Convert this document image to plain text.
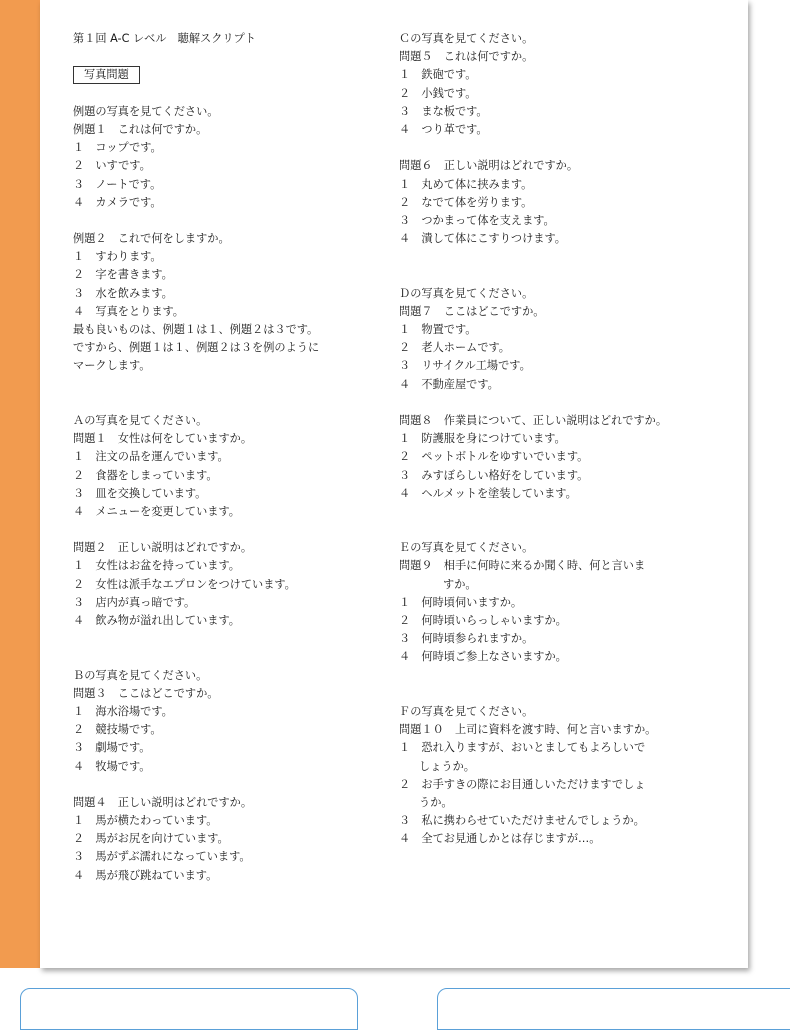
第１回 A-C レベル　聴解スクリプト
写真問題
例題の写真を見てください。
例題１　これは何ですか。
１　コップです。
２　いすです。
３　ノートです。
４　カメラです。
例題２　これで何をしますか。
１　すわります。
２　字を書きます。
３　水を飲みます。
４　写真をとります。
最も良いものは、例題１は１、例題２は３です。
ですから、例題１は１、例題２は３を例のように
マークします。
Ａの写真を見てください。
問題１　女性は何をしていますか。
１　注文の品を運んでいます。
２　食器をしまっています。
３　皿を交換しています。
４　メニューを変更しています。
問題２　正しい説明はどれですか。
１　女性はお盆を持っています。
２　女性は派手なエプロンをつけています。
３　店内が真っ暗です。
４　飲み物が溢れ出しています。
Ｂの写真を見てください。
問題３　ここはどこですか。
１　海水浴場です。
２　競技場です。
３　劇場です。
４　牧場です。
問題４　正しい説明はどれですか。
１　馬が横たわっています。
２　馬がお尻を向けています。
３　馬がずぶ濡れになっています。
４　馬が飛び跳ねています。
Ｃの写真を見てください。
問題５　これは何ですか。
１　鉄砲です。
２　小銭です。
３　まな板です。
４　つり革です。
問題６　正しい説明はどれですか。
１　丸めて体に挟みます。
２　なでて体を労ります。
３　つかまって体を支えます。
４　潰して体にこすりつけます。
Ｄの写真を見てください。
問題７　ここはどこですか。
１　物置です。
２　老人ホームです。
３　リサイクル工場です。
４　不動産屋です。
問題８　作業員について、正しい説明はどれですか。
１　防護服を身につけています。
２　ペットボトルをゆすいでいます。
３　みすぼらしい格好をしています。
４　ヘルメットを塗装しています。
Ｅの写真を見てください。
問題９　相手に何時に来るか聞く時、何と言いま
すか。
１　何時頃伺いますか。
２　何時頃いらっしゃいますか。
３　何時頃参られますか。
４　何時頃ご参上なさいますか。
Ｆの写真を見てください。
問題１０　上司に資料を渡す時、何と言いますか。
１　恐れ入りますが、おいとましてもよろしいで
しょうか。
２　お手すきの際にお目通しいただけますでしょ
うか。
３　私に携わらせていただけませんでしょうか。
４　全てお見通しかとは存じますが…。
